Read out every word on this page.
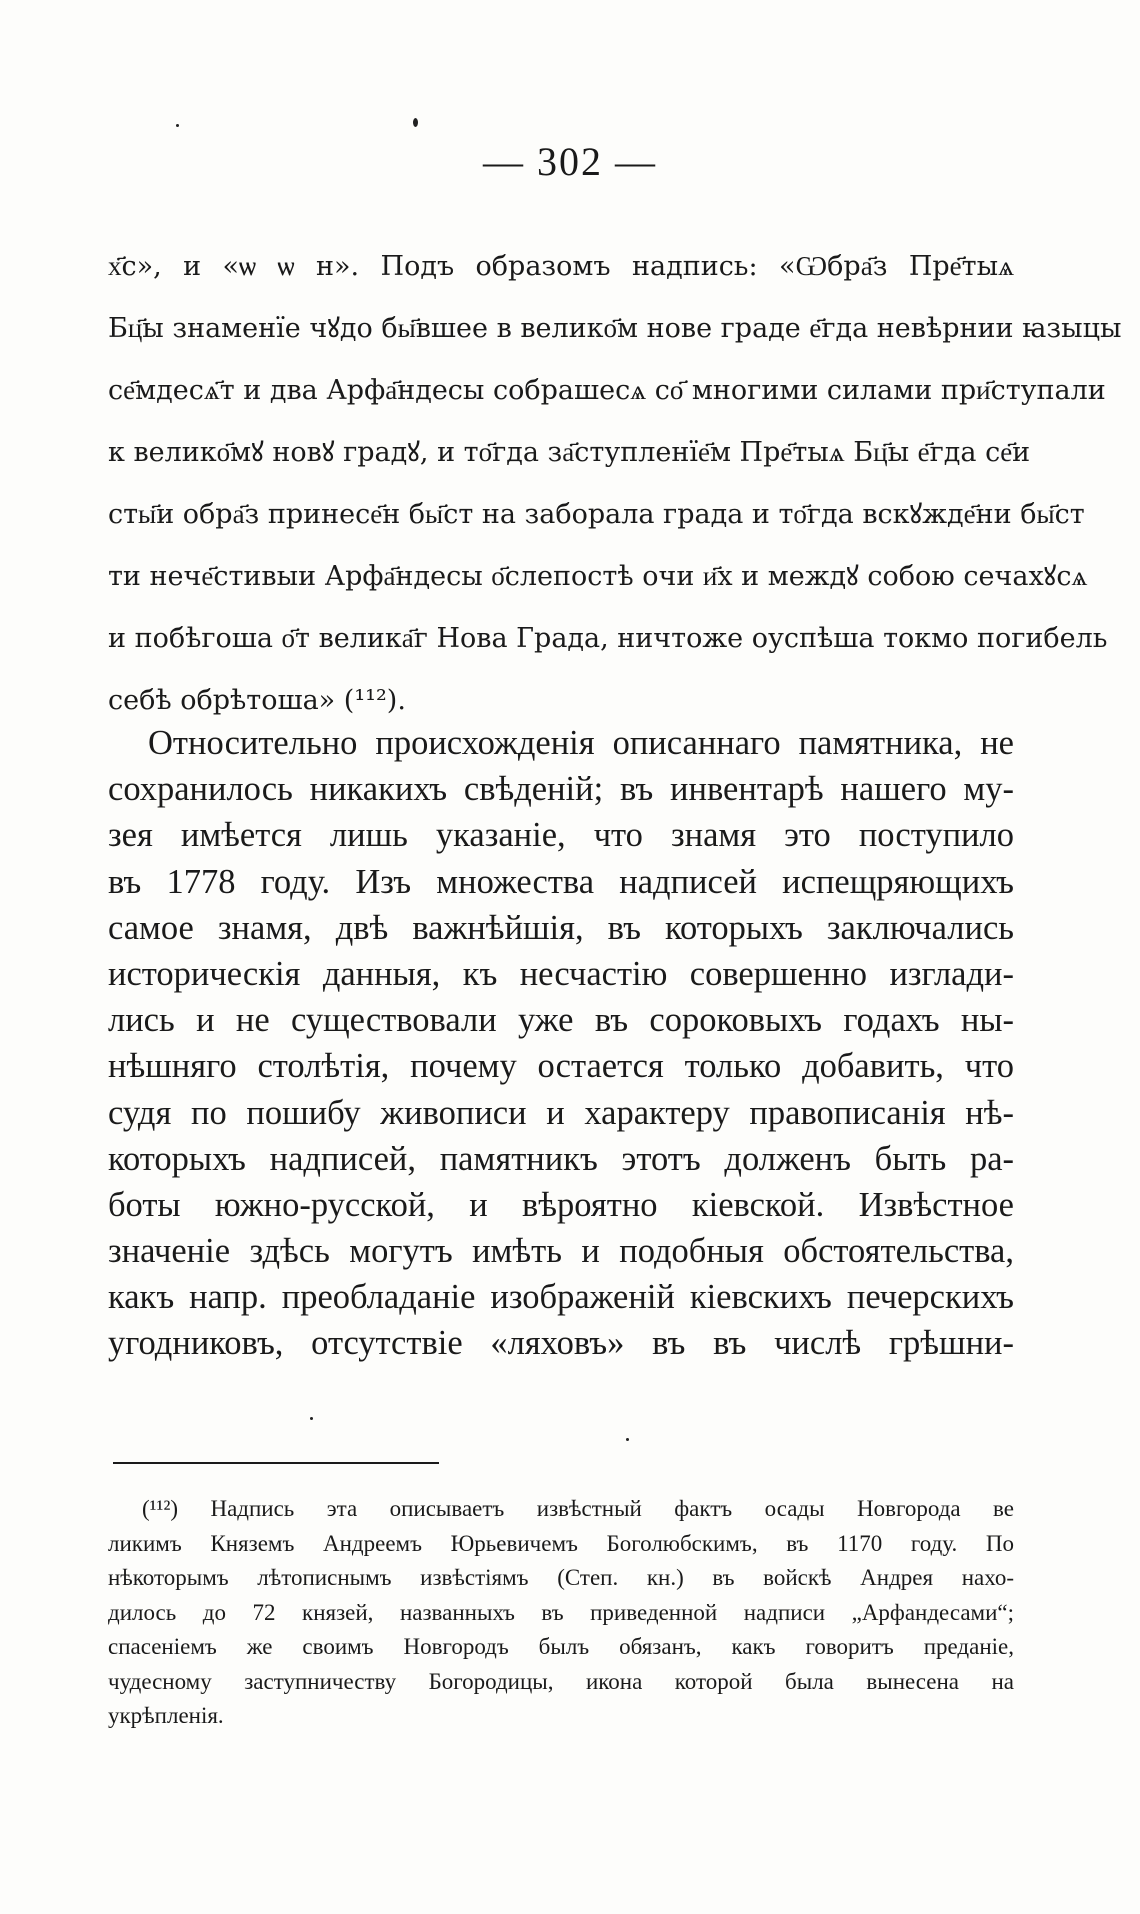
— 302 —
х҃с», и «ѡ ѡ н». Подъ образомъ надпись: «Ѡбра҃з Пре҃тыѧ
Бц҃ы знаменїе чꙋдо бы҃вшее в велико҃м нове граде е҃гда невѣрнии ꙗзыцы
се҃мдесѧ҃т и два Арфа҃ндесы собрашесѧ со҃ многими силами при҃ступали
к велико҃мꙋ новꙋ градꙋ, и то҃гда за҃ступленїе҃м Пре҃тыѧ Бц҃ы е҃гда се҃и
сты҃и обра҃з принесе҃н бы҃ст на заборала града и то҃гда вскꙋжде҃ни бы҃ст
ти нече҃стивыи Арфа҃ндесы о҃слепостѣ очи и҃х и междꙋ собою сечахꙋсѧ
и побѣгоша о҃т велика҃г Нова Града, ничтоже оуспѣша токмо погибель
себѣ обрѣтоша» (¹¹²).
Относительно происхожденія описаннаго памятника, не
сохранилось никакихъ свѣденій; въ инвентарѣ нашего му-
зея имѣется лишь указаніе, что знамя это поступило
въ 1778 году. Изъ множества надписей испещряющихъ
самое знамя, двѣ важнѣйшія, въ которыхъ заключались
историческія данныя, къ несчастію совершенно изглади-
лись и не существовали уже въ сороковыхъ годахъ ны-
нѣшняго столѣтія, почему остается только добавить, что
судя по пошибу живописи и характеру правописанія нѣ-
которыхъ надписей, памятникъ этотъ долженъ быть ра-
боты южно-русской, и вѣроятно кіевской. Извѣстное
значеніе здѣсь могутъ имѣть и подобныя обстоятельства,
какъ напр. преобладаніе изображеній кіевскихъ печерскихъ
угодниковъ, отсутствіе «ляховъ» въ въ числѣ грѣшни-
(¹¹²) Надпись эта описываетъ извѣстный фактъ осады Новгорода ве
ликимъ Княземъ Андреемъ Юрьевичемъ Боголюбскимъ, въ 1170 году. По
нѣкоторымъ лѣтописнымъ извѣстіямъ (Степ. кн.) въ войскѣ Андрея нахо-
дилось до 72 князей, названныхъ въ приведенной надписи „Арфандесами“;
спасеніемъ же своимъ Новгородъ былъ обязанъ, какъ говоритъ преданіе,
чудесному заступничеству Богородицы, икона которой была вынесена на
укрѣпленія.
